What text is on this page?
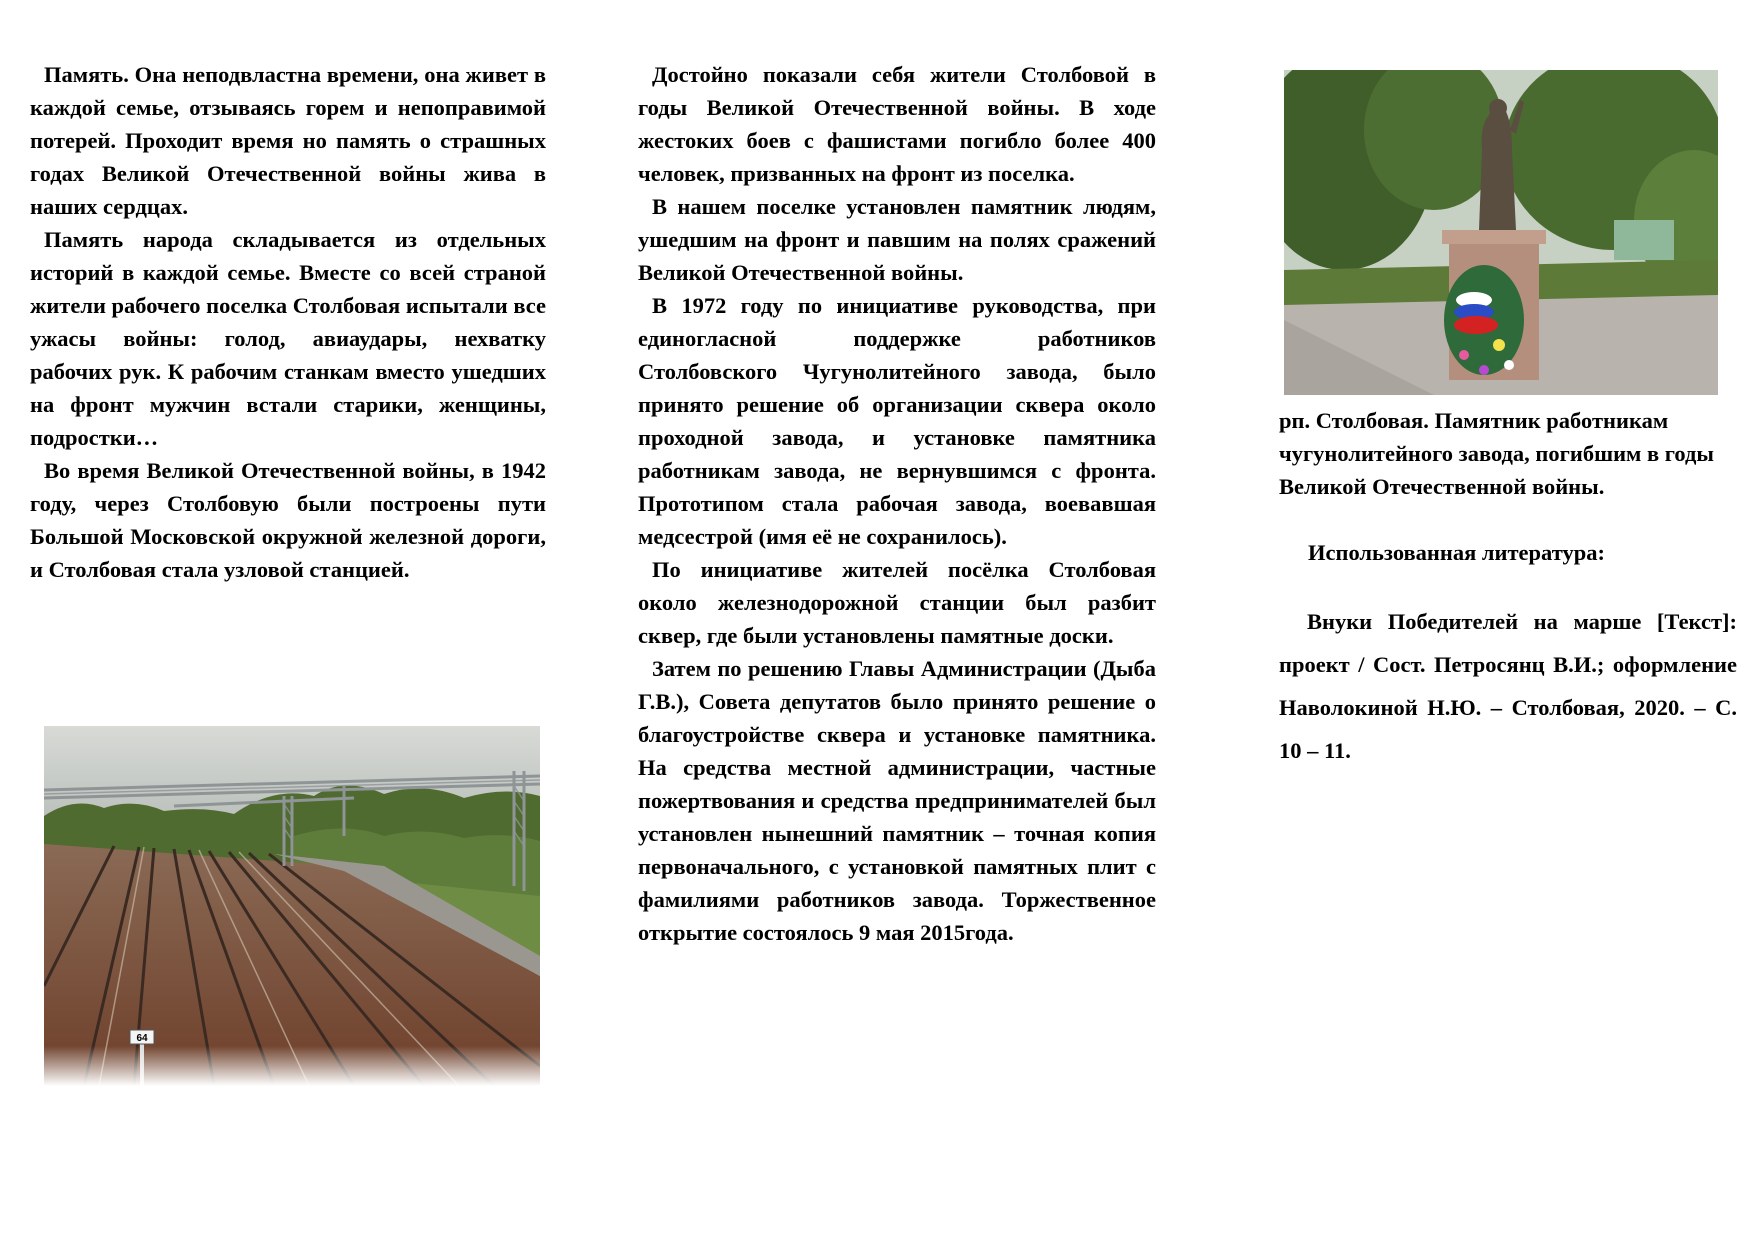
Память. Она неподвластна времени, она живет в каждой семье, отзываясь горем и непоправимой потерей. Проходит время но память о страшных годах Великой Отечественной войны жива в наших сердцах.

Память народа складывается из отдельных историй в каждой семье. Вместе со всей страной жители рабочего поселка Столбовая испытали все ужасы войны: голод, авиаудары, нехватку рабочих рук. К рабочим станкам вместо ушедших на фронт мужчин встали старики, женщины, подростки…

Во время Великой Отечественной войны, в 1942 году, через Столбовую были построены пути Большой Московской окружной железной дороги, и Столбовая стала узловой станцией.

64

Достойно показали себя жители Столбовой в годы Великой Отечественной войны. В ходе жестоких боев с фашистами погибло более 400 человек, призванных на фронт из поселка.

В нашем поселке установлен памятник людям, ушедшим на фронт и павшим на полях сражений Великой Отечественной войны.

В 1972 году по инициативе руководства, при единогласной поддержке работников Столбовского Чугунолитейного завода, было принято решение об организации сквера около проходной завода, и установке памятника работникам завода, не вернувшимся с фронта. Прототипом стала рабочая завода, воевавшая медсестрой (имя её не сохранилось).

По инициативе жителей посёлка Столбовая около железнодорожной станции был разбит сквер, где были установлены памятные доски.

Затем по решению Главы Администрации (Дыба Г.В.), Совета депутатов было принято решение о благоустройстве сквера и установке памятника. На средства местной администрации, частные пожертвования и средства предпринимателей был установлен нынешний памятник – точная копия первоначального, с установкой памятных плит с фамилиями работников завода. Торжественное открытие состоялось 9 мая 2015года.

рп. Столбовая. Памятник работникам чугунолитейного завода, погибшим в годы Великой Отечественной войны.
Использованная литература:

Внуки Победителей на марше [Текст]: проект / Сост. Петросянц В.И.; оформление Наволокиной Н.Ю. – Столбовая, 2020. – С. 10 – 11.
